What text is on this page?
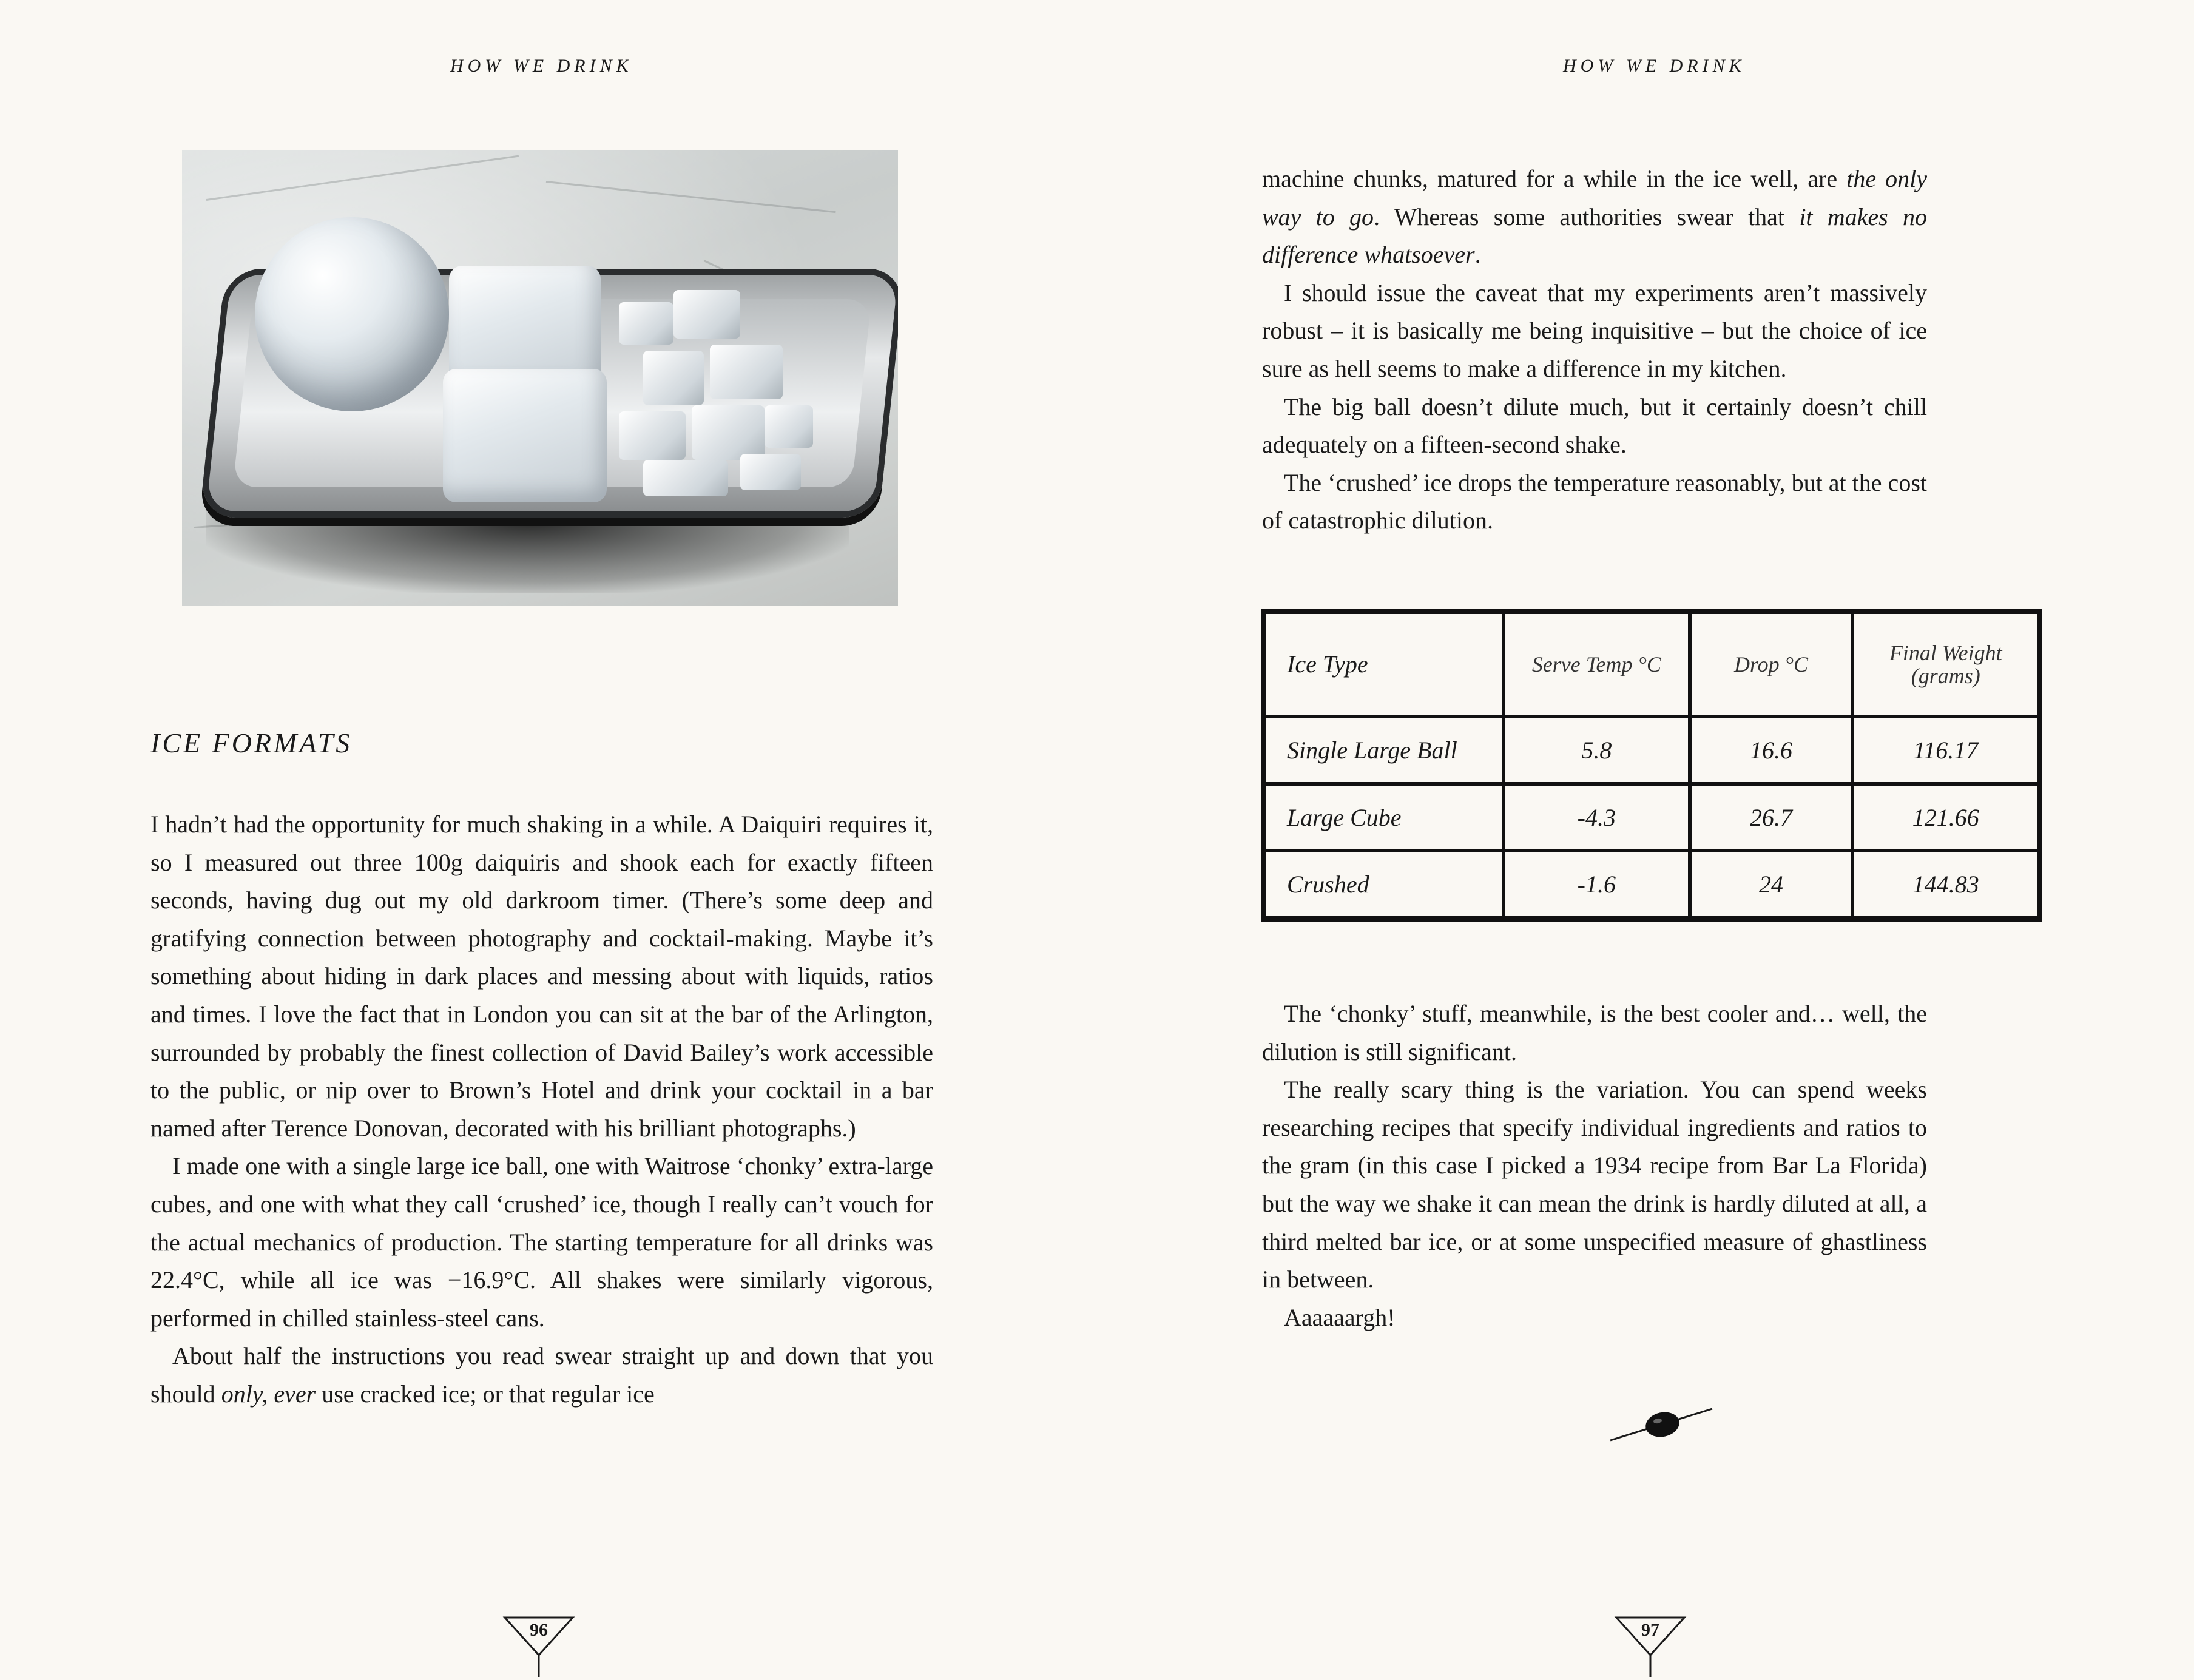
HOW WE DRINK
ICE FORMATS

I hadn’t had the opportunity for much shaking in a while. A Daiquiri requires it, so I measured out three 100g daiquiris and shook each for exactly fifteen seconds, having dug out my old darkroom timer. (There’s some deep and gratifying connection between photography and cocktail-making. Maybe it’s something about hiding in dark places and messing about with liquids, ratios and times. I love the fact that in London you can sit at the bar of the Arlington, surrounded by probably the finest collection of David Bailey’s work accessible to the public, or nip over to Brown’s Hotel and drink your cocktail in a bar named after Terence Donovan, decorated with his brilliant photographs.)

I made one with a single large ice ball, one with Waitrose ‘chonky’ extra-large cubes, and one with what they call ‘crushed’ ice, though I really can’t vouch for the actual mechanics of production. The starting temperature for all drinks was 22.4°C, while all ice was −16.9°C. All shakes were similarly vigorous, performed in chilled stainless-steel cans.

About half the instructions you read swear straight up and down that you should only, ever use cracked ice; or that regular ice

96
HOW WE DRINK

machine chunks, matured for a while in the ice well, are the only way to go. Whereas some authorities swear that it makes no difference whatsoever.

I should issue the caveat that my experiments aren’t massively robust – it is basically me being inquisitive – but the choice of ice sure as hell seems to make a difference in my kitchen.

The big ball doesn’t dilute much, but it certainly doesn’t chill adequately on a fifteen-second shake.

The ‘crushed’ ice drops the temperature reasonably, but at the cost of catastrophic dilution.

Ice Type	Serve Temp °C	Drop °C	Final Weight (grams)
Single Large Ball	5.8	16.6	116.17
Large Cube	-4.3	26.7	121.66
Crushed	-1.6	24	144.83

The ‘chonky’ stuff, meanwhile, is the best cooler and… well, the dilution is still significant.

The really scary thing is the variation. You can spend weeks researching recipes that specify individual ingredients and ratios to the gram (in this case I picked a 1934 recipe from Bar La Florida) but the way we shake it can mean the drink is hardly diluted at all, a third melted bar ice, or at some unspecified measure of ghastliness in between.

Aaaaaargh!

97
